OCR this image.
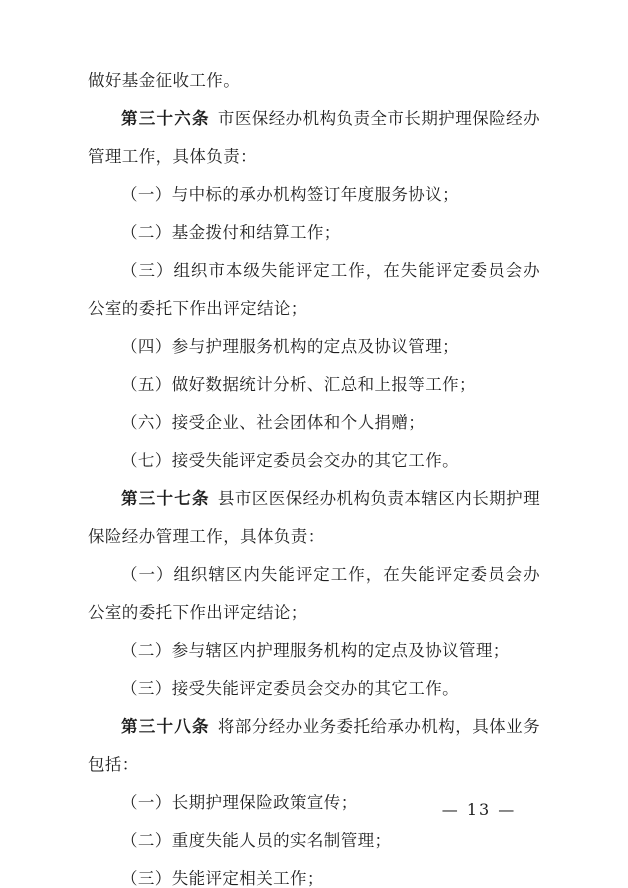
做好基金征收工作。

第三十六条 市医保经办机构负责全市长期护理保险经办管理工作，具体负责：

（一）与中标的承办机构签订年度服务协议；

（二）基金拨付和结算工作；

（三）组织市本级失能评定工作，在失能评定委员会办公室的委托下作出评定结论；

（四）参与护理服务机构的定点及协议管理；

（五）做好数据统计分析、汇总和上报等工作；

（六）接受企业、社会团体和个人捐赠；

（七）接受失能评定委员会交办的其它工作。

第三十七条 县市区医保经办机构负责本辖区内长期护理保险经办管理工作，具体负责：

（一）组织辖区内失能评定工作，在失能评定委员会办公室的委托下作出评定结论；

（二）参与辖区内护理服务机构的定点及协议管理；

（三）接受失能评定委员会交办的其它工作。

第三十八条 将部分经办业务委托给承办机构，具体业务包括：

（一）长期护理保险政策宣传；

（二）重度失能人员的实名制管理；

（三）失能评定相关工作；

— 13 —
